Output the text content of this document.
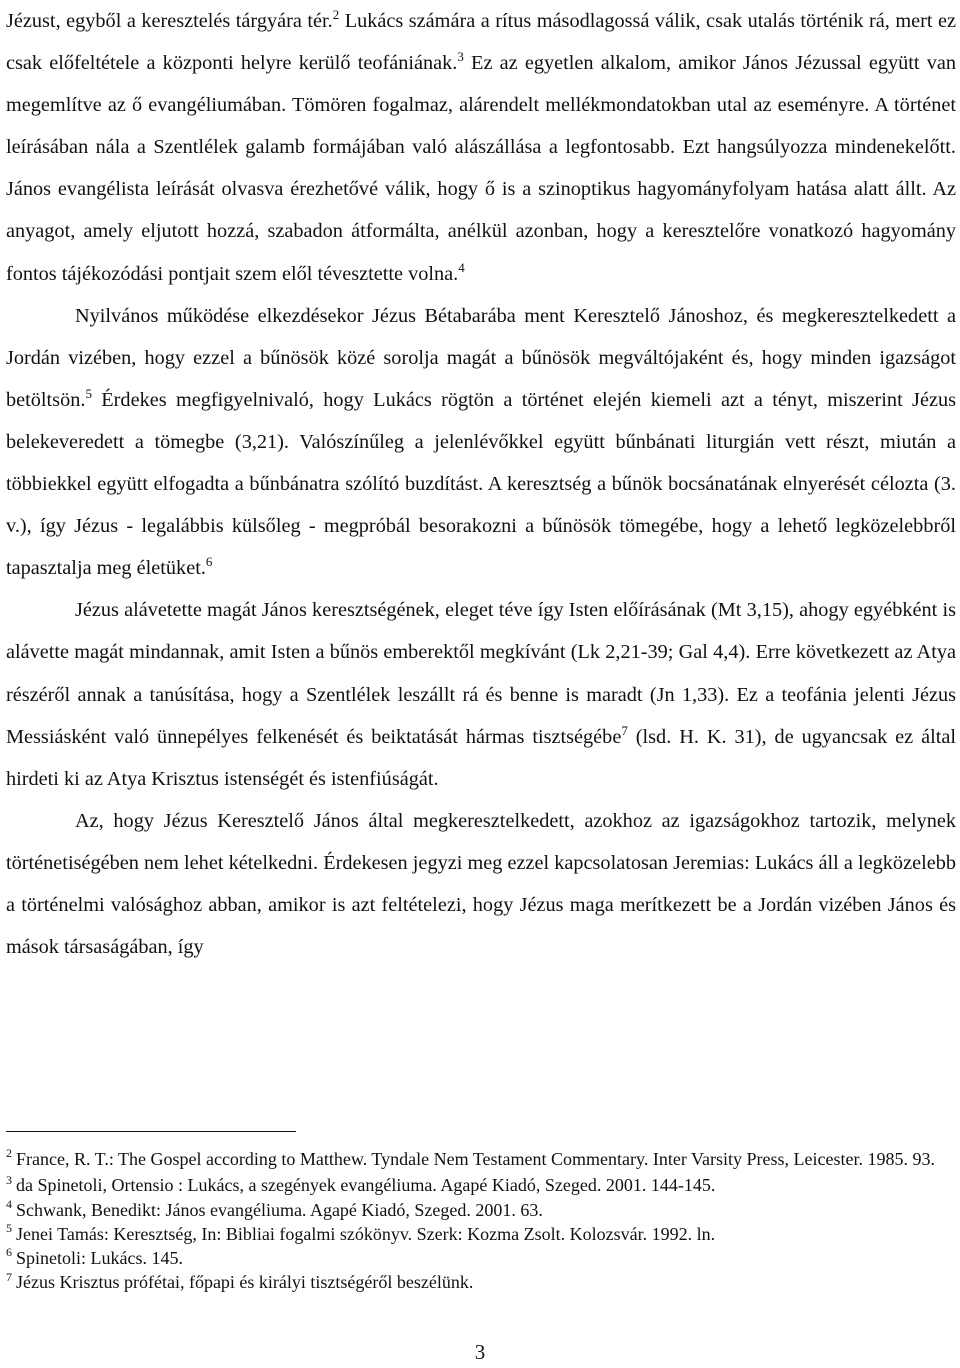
Jézust, egyből a keresztelés tárgyára tér.$^2$ Lukács számára a rítus másodlagossá válik, csak utalás történik rá, mert ez csak előfeltétele a központi helyre kerülő teofániának.$^3$ Ez az egyetlen alkalom, amikor János Jézussal együtt van megemlítve az ő evangéliumában. Tömören fogalmaz, alárendelt mellékmondatokban utal az eseményre. A történet leírásában nála a Szentlélek galamb formájában való alászállása a legfontosabb. Ezt hangsúlyozza mindenekelőtt. János evangélista leírását olvasva érezhetővé válik, hogy ő is a szinoptikus hagyományfolyam hatása alatt állt. Az anyagot, amely eljutott hozzá, szabadon átformálta, anélkül azonban, hogy a keresztelőre vonatkozó hagyomány fontos tájékozódási pontjait szem elől tévesztette volna.$^4$

Nyilvános működése elkezdésekor Jézus Bétabarába ment Keresztelő Jánoshoz, és megkeresztelkedett a Jordán vizében, hogy ezzel a bűnösök közé sorolja magát a bűnösök megváltójaként és, hogy minden igazságot betöltsön.$^5$ Érdekes megfigyelnivaló, hogy Lukács rögtön a történet elején kiemeli azt a tényt, miszerint Jézus belekeveredett a tömegbe (3,21). Valószínűleg a jelenlévőkkel együtt bűnbánati liturgián vett részt, miután a többiekkel együtt elfogadta a bűnbánatra szólító buzdítást. A keresztség a bűnök bocsánatának elnyerését célozta (3. v.), így Jézus - legalábbis külsőleg - megpróbál besorakozni a bűnösök tömegébe, hogy a lehető legközelebbről tapasztalja meg életüket.$^6$

Jézus alávetette magát János keresztségének, eleget téve így Isten előírásának (Mt 3,15), ahogy egyébként is alávette magát mindannak, amit Isten a bűnös emberektől megkívánt (Lk 2,21-39; Gal 4,4). Erre következett az Atya részéről annak a tanúsítása, hogy a Szentlélek leszállt rá és benne is maradt (Jn 1,33). Ez a teofánia jelenti Jézus Messiásként való ünnepélyes felkenését és beiktatását hármas tisztségébe$^7$ (lsd. H. K. 31), de ugyancsak ez által hirdeti ki az Atya Krisztus istenségét és istenfiúságát.

Az, hogy Jézus Keresztelő János által megkeresztelkedett, azokhoz az igazságokhoz tartozik, melynek történetiségében nem lehet kételkedni. Érdekesen jegyzi meg ezzel kapcsolatosan Jeremias: Lukács áll a legközelebb a történelmi valósághoz abban, amikor is azt feltételezi, hogy Jézus maga merítkezett be a Jordán vizében János és mások társaságában, így

$^2$ France, R. T.: The Gospel according to Matthew. Tyndale Nem Testament Commentary. Inter Varsity Press, Leicester. 1985. 93.
$^3$ da Spinetoli, Ortensio : Lukács, a szegények evangéliuma. Agapé Kiadó, Szeged. 2001. 144-145.
$^4$ Schwank, Benedikt: János evangéliuma. Agapé Kiadó, Szeged. 2001. 63.
$^5$ Jenei Tamás: Keresztség, In: Bibliai fogalmi szókönyv. Szerk: Kozma Zsolt. Kolozsvár. 1992. ln.
$^6$ Spinetoli: Lukács. 145.
$^7$ Jézus Krisztus prófétai, főpapi és királyi tisztségéről beszélünk.
3
